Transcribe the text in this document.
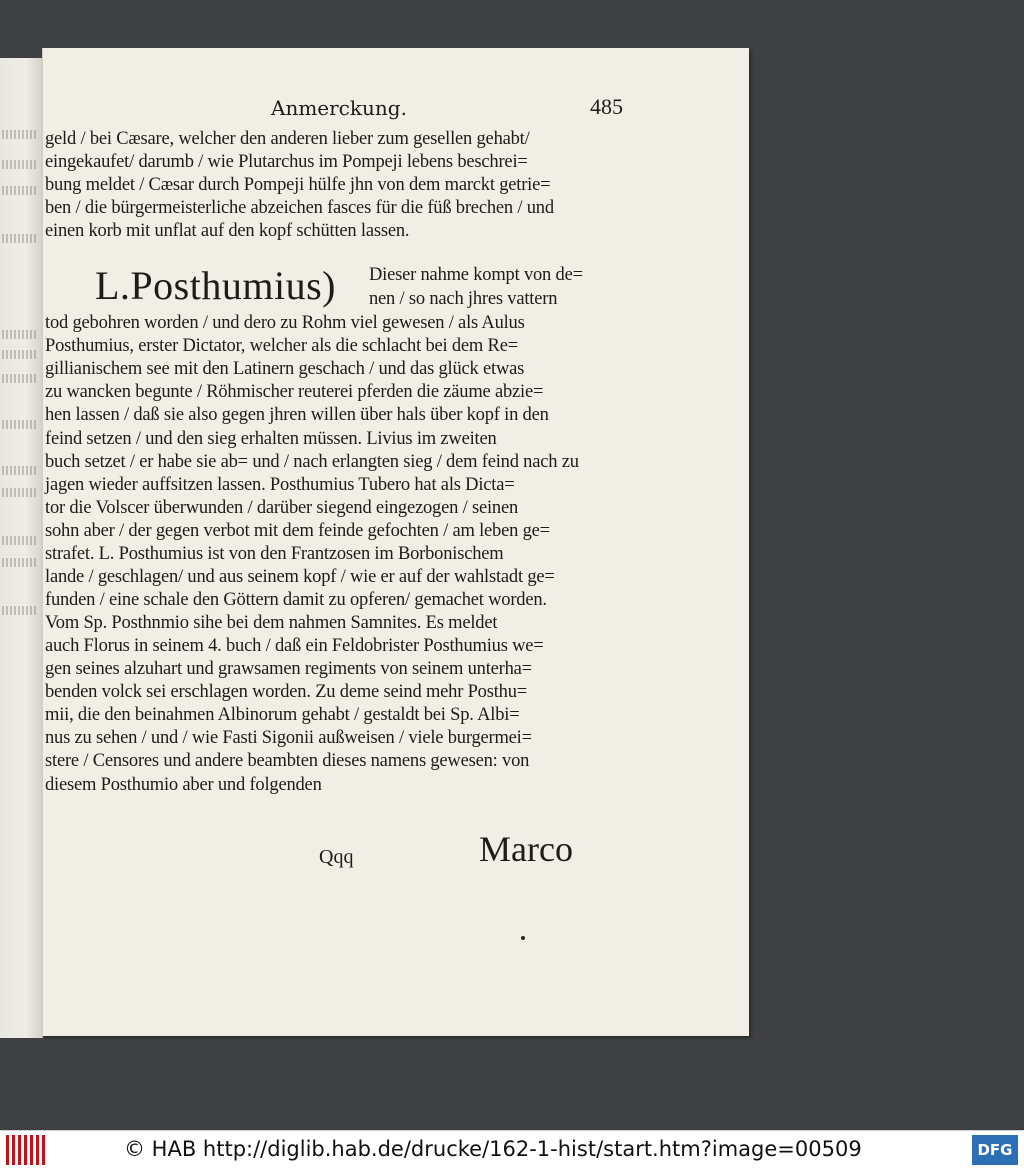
Anmerckung.	485
geld / bei Cæsare, welcher den anderen lieber zum gesellen gehabt/
eingekaufet/ darumb / wie Plutarchus im Pompeji lebens beschrei=
bung meldet / Cæsar durch Pompeji hülfe jhn von dem marckt getrie=
ben / die bürgermeisterliche abzeichen fasces für die füß brechen / und
einen korb mit unflat auf den kopf schütten lassen.
L.Posthumius) Dieser nahme kompt von de=
nen / so nach jhres vattern
tod gebohren worden / und dero zu Rohm viel gewesen / als Aulus
Posthumius, erster Dictator, welcher als die schlacht bei dem Re=
gillianischem see mit den Latinern geschach / und das glück etwas
zu wancken begunte / Röhmischer reuterei pferden die zäume abzie=
hen lassen / daß sie also gegen jhren willen über hals über kopf in den
feind setzen / und den sieg erhalten müssen. Livius im zweiten
buch setzet / er habe sie ab= und / nach erlangten sieg / dem feind nach zu
jagen wieder auffsitzen lassen. Posthumius Tubero hat als Dicta=
tor die Volscer überwunden / darüber siegend eingezogen / seinen
sohn aber / der gegen verbot mit dem feinde gefochten / am leben ge=
strafet. L. Posthumius ist von den Frantzosen im Borbonischem
lande / geschlagen/ und aus seinem kopf / wie er auf der wahlstadt ge=
funden / eine schale den Göttern damit zu opferen/ gemachet worden.
Vom Sp. Posthnmio sihe bei dem nahmen Samnites. Es meldet
auch Florus in seinem 4. buch / daß ein Feldobrister Posthumius we=
gen seines alzuhart und grawsamen regiments von seinem unterha=
benden volck sei erschlagen worden. Zu deme seind mehr Posthu=
mii, die den beinahmen Albinorum gehabt / gestaldt bei Sp. Albi=
nus zu sehen / und / wie Fasti Sigonii außweisen / viele burgermei=
stere / Censores und andere beambten dieses namens gewesen: von
diesem Posthumio aber und folgenden
Qqq	Marco
© HAB http://diglib.hab.de/drucke/162-1-hist/start.htm?image=00509	DFG
